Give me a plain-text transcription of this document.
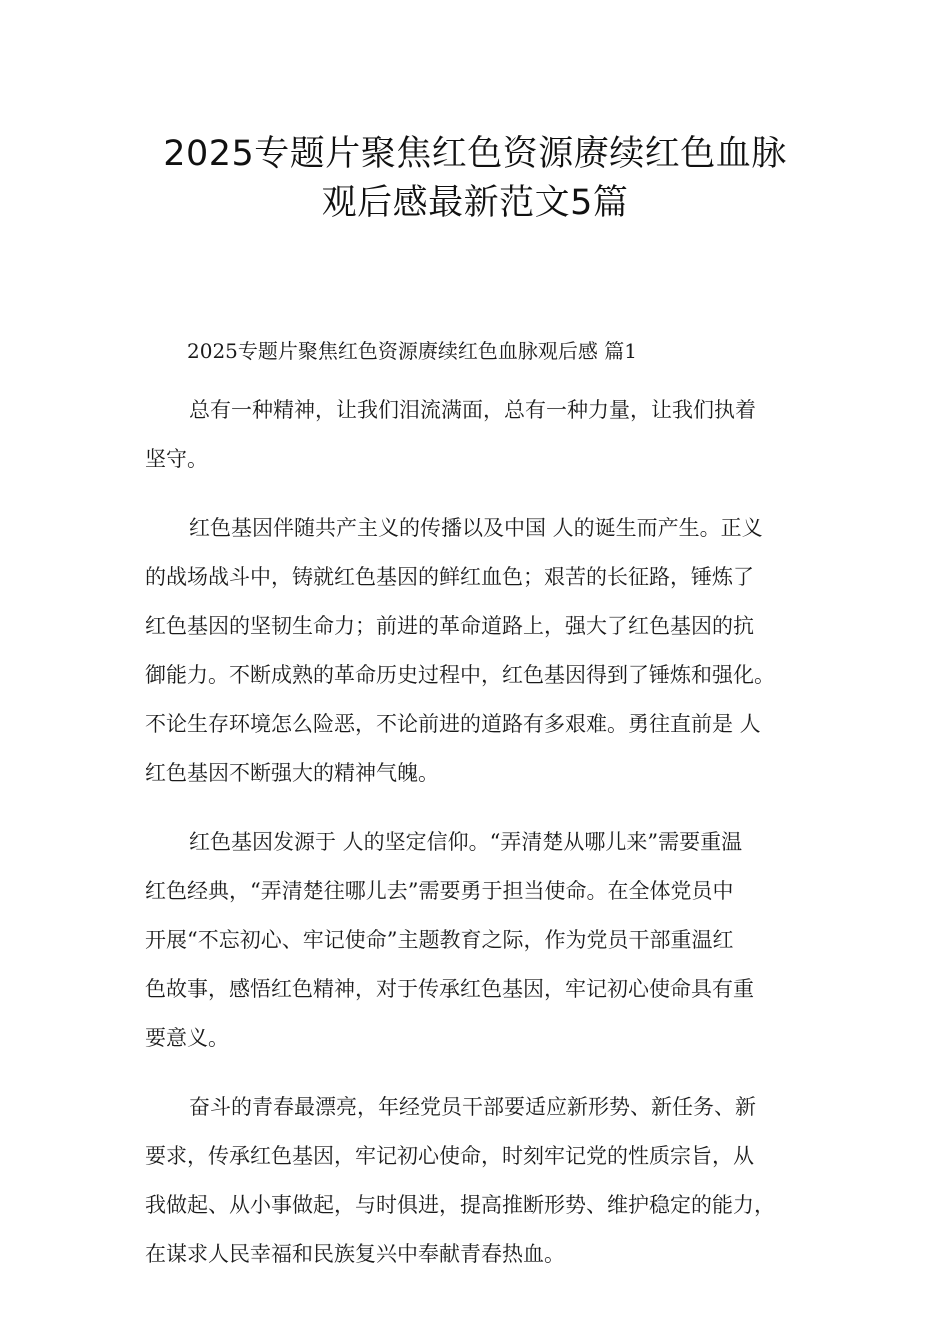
2025专题片聚焦红色资源赓续红色血脉
观后感最新范文5篇

2025专题片聚焦红色资源赓续红色血脉观后感 篇1

总有一种精神，让我们泪流满面，总有一种力量，让我们执着
坚守。

红色基因伴随共产主义的传播以及中国 人的诞生而产生。正义
的战场战斗中，铸就红色基因的鲜红血色；艰苦的长征路，锤炼了
红色基因的坚韧生命力；前进的革命道路上，强大了红色基因的抗
御能力。不断成熟的革命历史过程中，红色基因得到了锤炼和强化。
不论生存环境怎么险恶，不论前进的道路有多艰难。勇往直前是 人
红色基因不断强大的精神气魄。

红色基因发源于 人的坚定信仰。“弄清楚从哪儿来”需要重温
红色经典，“弄清楚往哪儿去”需要勇于担当使命。在全体党员中
开展“不忘初心、牢记使命”主题教育之际，作为党员干部重温红
色故事，感悟红色精神，对于传承红色基因，牢记初心使命具有重
要意义。

奋斗的青春最漂亮，年经党员干部要适应新形势、新任务、新
要求，传承红色基因，牢记初心使命，时刻牢记党的性质宗旨，从
我做起、从小事做起，与时俱进，提高推断形势、维护稳定的能力，
在谋求人民幸福和民族复兴中奉献青春热血。
